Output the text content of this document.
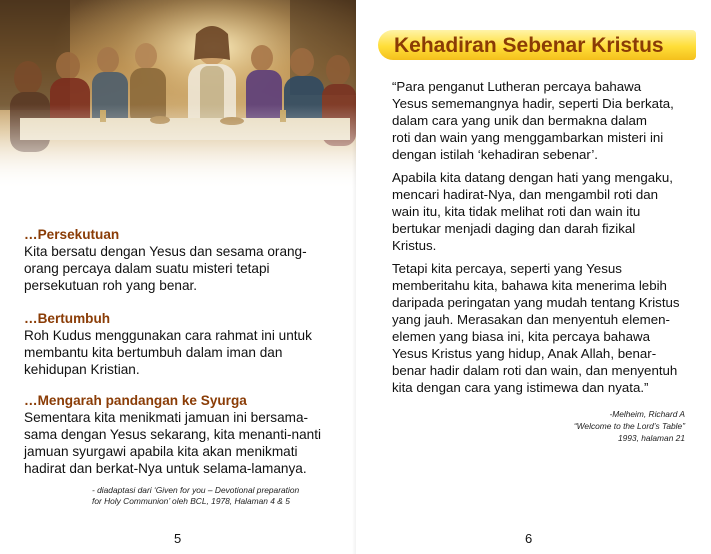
…Persekutuan

Kita bersatu dengan Yesus dan sesama orang-

orang percaya dalam suatu misteri tetapi

persekutuan roh yang benar.

…Bertumbuh

Roh Kudus menggunakan cara rahmat ini untuk

membantu kita bertumbuh dalam iman dan

kehidupan Kristian.

…Mengarah pandangan ke Syurga

Sementara kita menikmati jamuan ini bersama-

sama dengan Yesus sekarang, kita menanti-nanti

jamuan syurgawi apabila kita akan menikmati

hadirat dan berkat-Nya untuk selama-lamanya.

- diadaptasi dari ‘Given for you – Devotional preparation

for Holy Communion’ oleh BCL, 1978, Halaman 4 & 5

5
Kehadiran Sebenar Kristus
“Para penganut Lutheran percaya bahawa
Yesus sememangnya hadir, seperti Dia berkata,
dalam cara yang unik dan bermakna dalam
roti dan wain yang menggambarkan misteri ini
dengan istilah ‘kehadiran sebenar’.
Apabila kita datang dengan hati yang mengaku,
mencari hadirat-Nya, dan mengambil roti dan
wain itu, kita tidak melihat roti dan wain itu
bertukar menjadi daging dan darah fizikal
Kristus.
Tetapi kita percaya, seperti yang Yesus
memberitahu kita, bahawa kita menerima lebih
daripada peringatan yang mudah tentang Kristus
yang jauh. Merasakan dan menyentuh elemen-
elemen yang biasa ini, kita percaya bahawa
Yesus Kristus yang hidup, Anak Allah, benar-
benar hadir dalam roti dan wain, dan menyentuh
kita dengan cara yang istimewa dan nyata.”

-Melheim, Richard A

“Welcome to the Lord’s Table”

1993, halaman 21

6
